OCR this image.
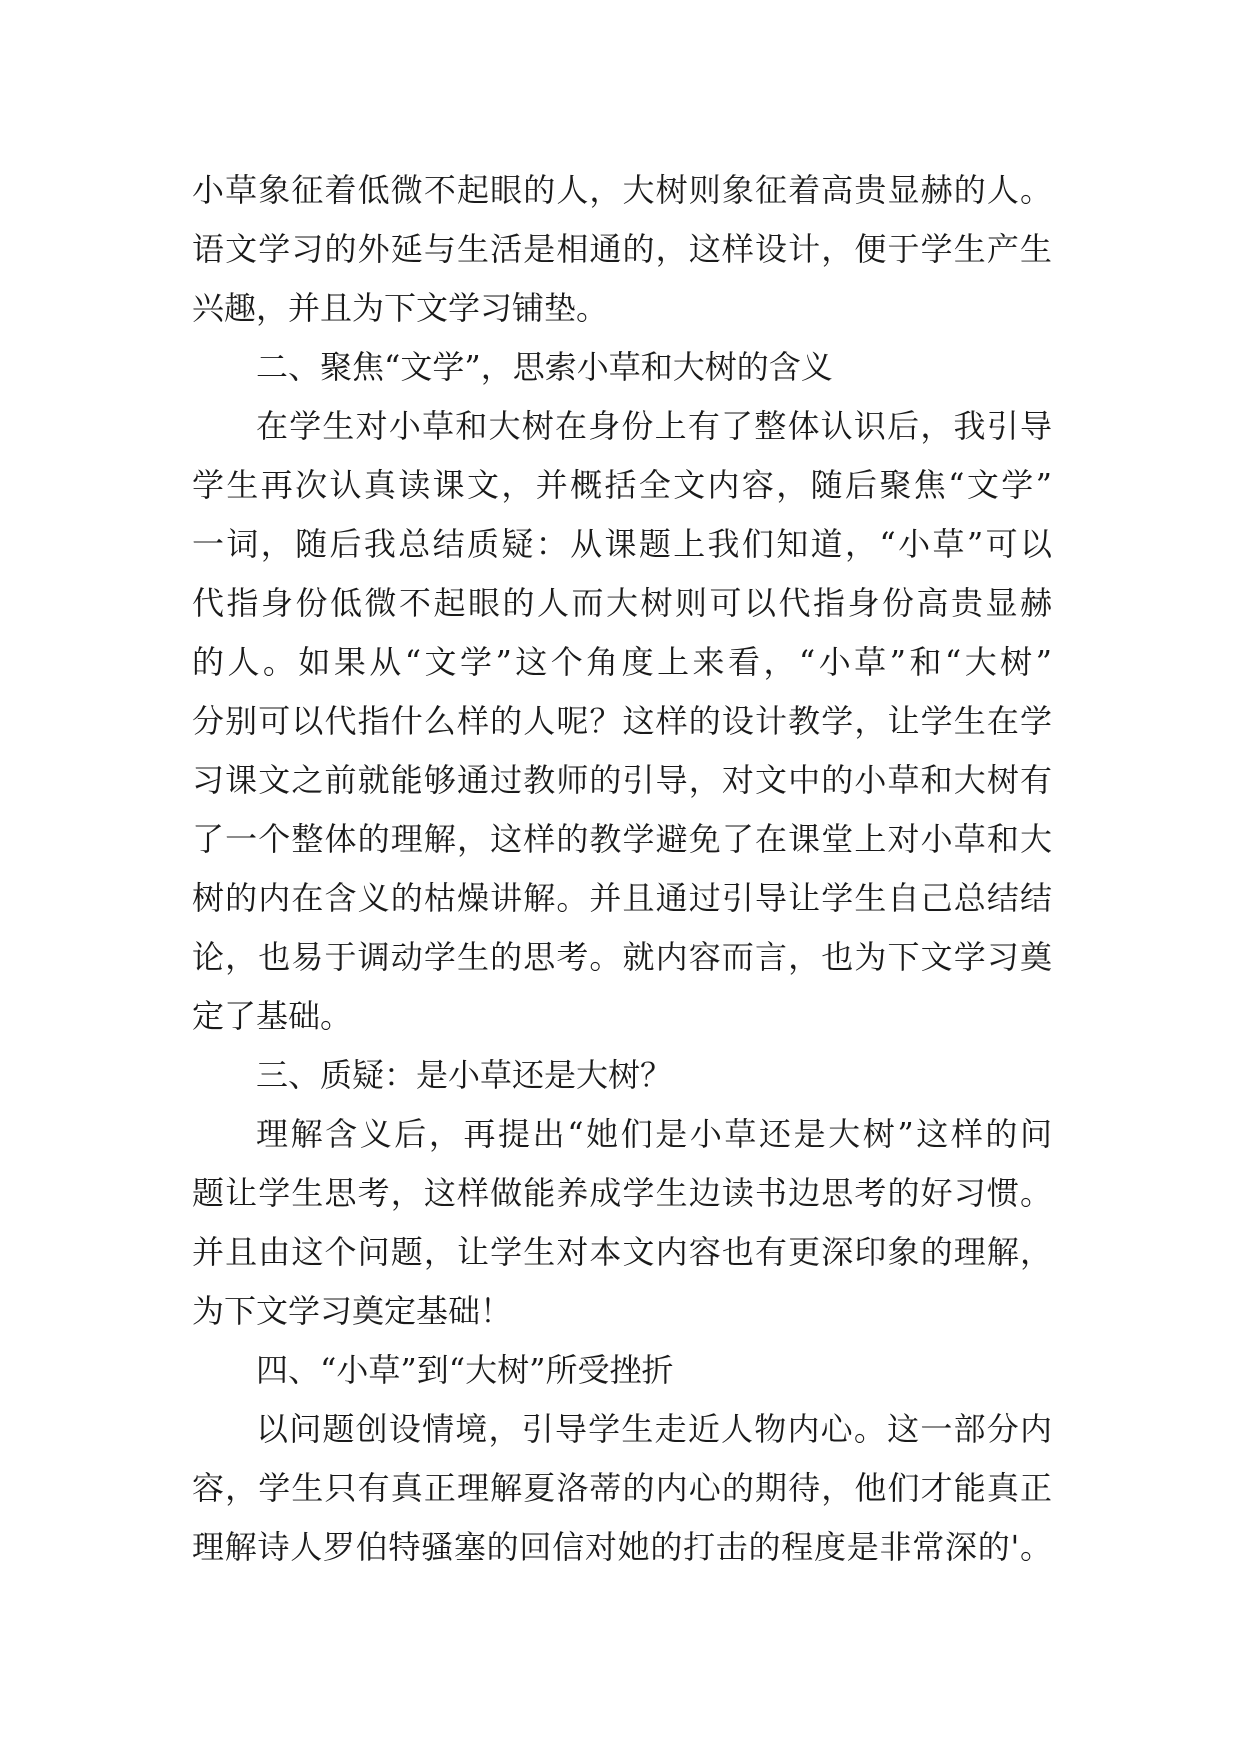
小草象征着低微不起眼的人，大树则象征着高贵显赫的人。
语文学习的外延与生活是相通的，这样设计，便于学生产生
兴趣，并且为下文学习铺垫。
二、聚焦“文学”，思索小草和大树的含义
在学生对小草和大树在身份上有了整体认识后，我引导
学生再次认真读课文，并概括全文内容，随后聚焦“文学”
一词，随后我总结质疑：从课题上我们知道，“小草”可以
代指身份低微不起眼的人而大树则可以代指身份高贵显赫
的人。如果从“文学”这个角度上来看，“小草”和“大树”
分别可以代指什么样的人呢？这样的设计教学，让学生在学
习课文之前就能够通过教师的引导，对文中的小草和大树有
了一个整体的理解，这样的教学避免了在课堂上对小草和大
树的内在含义的枯燥讲解。并且通过引导让学生自己总结结
论，也易于调动学生的思考。就内容而言，也为下文学习奠
定了基础。
三、质疑：是小草还是大树？
理解含义后，再提出“她们是小草还是大树”这样的问
题让学生思考，这样做能养成学生边读书边思考的好习惯。
并且由这个问题，让学生对本文内容也有更深印象的理解，
为下文学习奠定基础！
四、“小草”到“大树”所受挫折
以问题创设情境，引导学生走近人物内心。这一部分内
容，学生只有真正理解夏洛蒂的内心的期待，他们才能真正
理解诗人罗伯特骚塞的回信对她的打击的程度是非常深的'。
